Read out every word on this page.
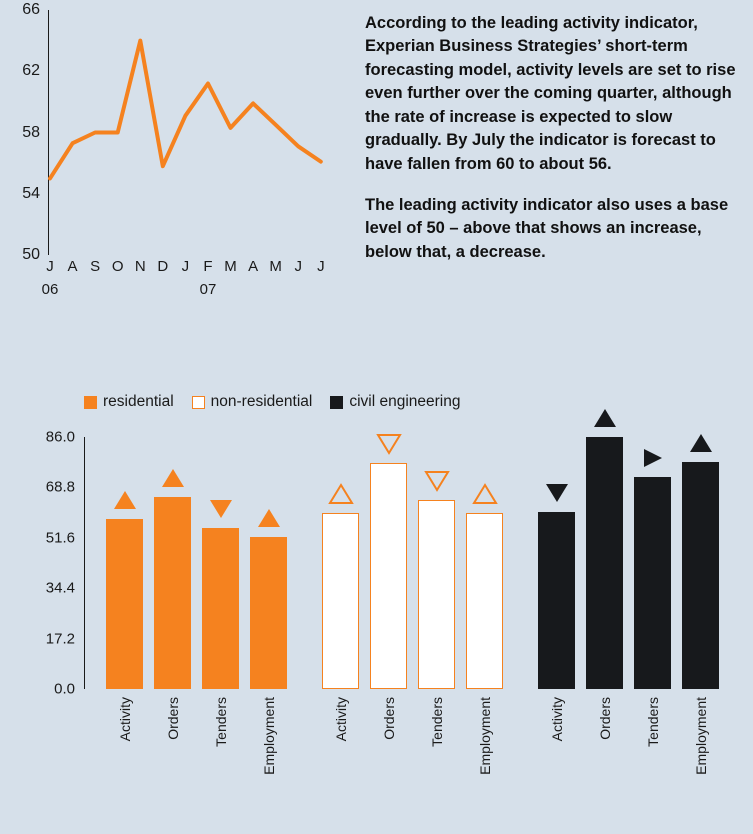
66
62
58
54
50
J A S O N D J F M A M J J
06	07

According to the leading activity indicator, Experian Business Strategies’ short-term forecasting model, activity levels are set to rise even further over the coming quarter, although the rate of increase is expected to slow gradually. By July the indicator is forecast to have fallen from 60 to about 56.

The leading activity indicator also uses a base level of 50 – above that shows an increase, below that, a decrease.

residential non-residential civil engineering
86.0
68.8
51.6
34.4
17.2
0.0
Activity Orders Tenders Employment	Activity Orders Tenders Employment	Activity Orders Tenders Employment
